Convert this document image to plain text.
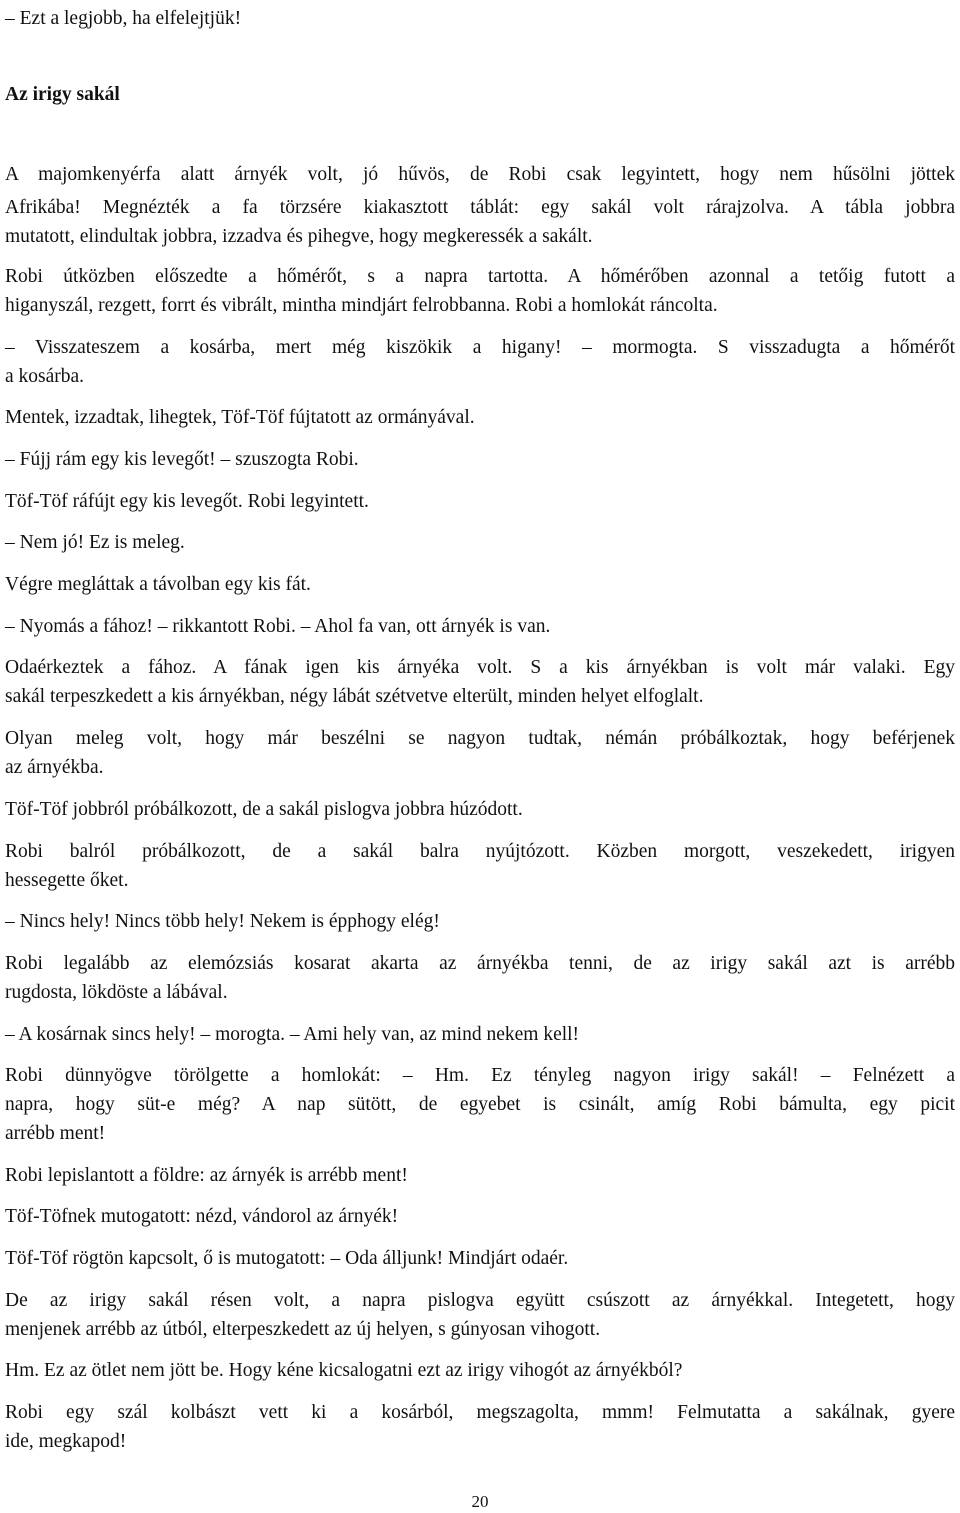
– Ezt a legjobb, ha elfelejtjük!
Az irigy sakál
A majomkenyérfa alatt árnyék volt, jó hűvös, de Robi csak legyintett, hogy nem hűsölni jöttek
Afrikába! Megnézték a fa törzsére kiakasztott táblát: egy sakál volt rárajzolva. A tábla jobbra
mutatott, elindultak jobbra, izzadva és pihegve, hogy megkeressék a sakált.
Robi útközben előszedte a hőmérőt, s a napra tartotta. A hőmérőben azonnal a tetőig futott a
higanyszál, rezgett, forrt és vibrált, mintha mindjárt felrobbanna. Robi a homlokát ráncolta.
– Visszateszem a kosárba, mert még kiszökik a higany! – mormogta. S visszadugta a hőmérőt
a kosárba.
Mentek, izzadtak, lihegtek, Töf-Töf fújtatott az ormányával.
– Fújj rám egy kis levegőt! – szuszogta Robi.
Töf-Töf ráfújt egy kis levegőt. Robi legyintett.
– Nem jó! Ez is meleg.
Végre megláttak a távolban egy kis fát.
– Nyomás a fához! – rikkantott Robi. – Ahol fa van, ott árnyék is van.
Odaérkeztek a fához. A fának igen kis árnyéka volt. S a kis árnyékban is volt már valaki. Egy
sakál terpeszkedett a kis árnyékban, négy lábát szétvetve elterült, minden helyet elfoglalt.
Olyan meleg volt, hogy már beszélni se nagyon tudtak, némán próbálkoztak, hogy beférjenek
az árnyékba.
Töf-Töf jobbról próbálkozott, de a sakál pislogva jobbra húzódott.
Robi balról próbálkozott, de a sakál balra nyújtózott. Közben morgott, veszekedett, irigyen
hessegette őket.
– Nincs hely! Nincs több hely! Nekem is épphogy elég!
Robi legalább az elemózsiás kosarat akarta az árnyékba tenni, de az irigy sakál azt is arrébb
rugdosta, lökdöste a lábával.
– A kosárnak sincs hely! – morogta. – Ami hely van, az mind nekem kell!
Robi dünnyögve törölgette a homlokát: – Hm. Ez tényleg nagyon irigy sakál! – Felnézett a
napra, hogy süt-e még? A nap sütött, de egyebet is csinált, amíg Robi bámulta, egy picit
arrébb ment!
Robi lepislantott a földre: az árnyék is arrébb ment!
Töf-Töfnek mutogatott: nézd, vándorol az árnyék!
Töf-Töf rögtön kapcsolt, ő is mutogatott: – Oda álljunk! Mindjárt odaér.
De az irigy sakál résen volt, a napra pislogva együtt csúszott az árnyékkal. Integetett, hogy
menjenek arrébb az útból, elterpeszkedett az új helyen, s gúnyosan vihogott.
Hm. Ez az ötlet nem jött be. Hogy kéne kicsalogatni ezt az irigy vihogót az árnyékból?
Robi egy szál kolbászt vett ki a kosárból, megszagolta, mmm! Felmutatta a sakálnak, gyere
ide, megkapod!
20
